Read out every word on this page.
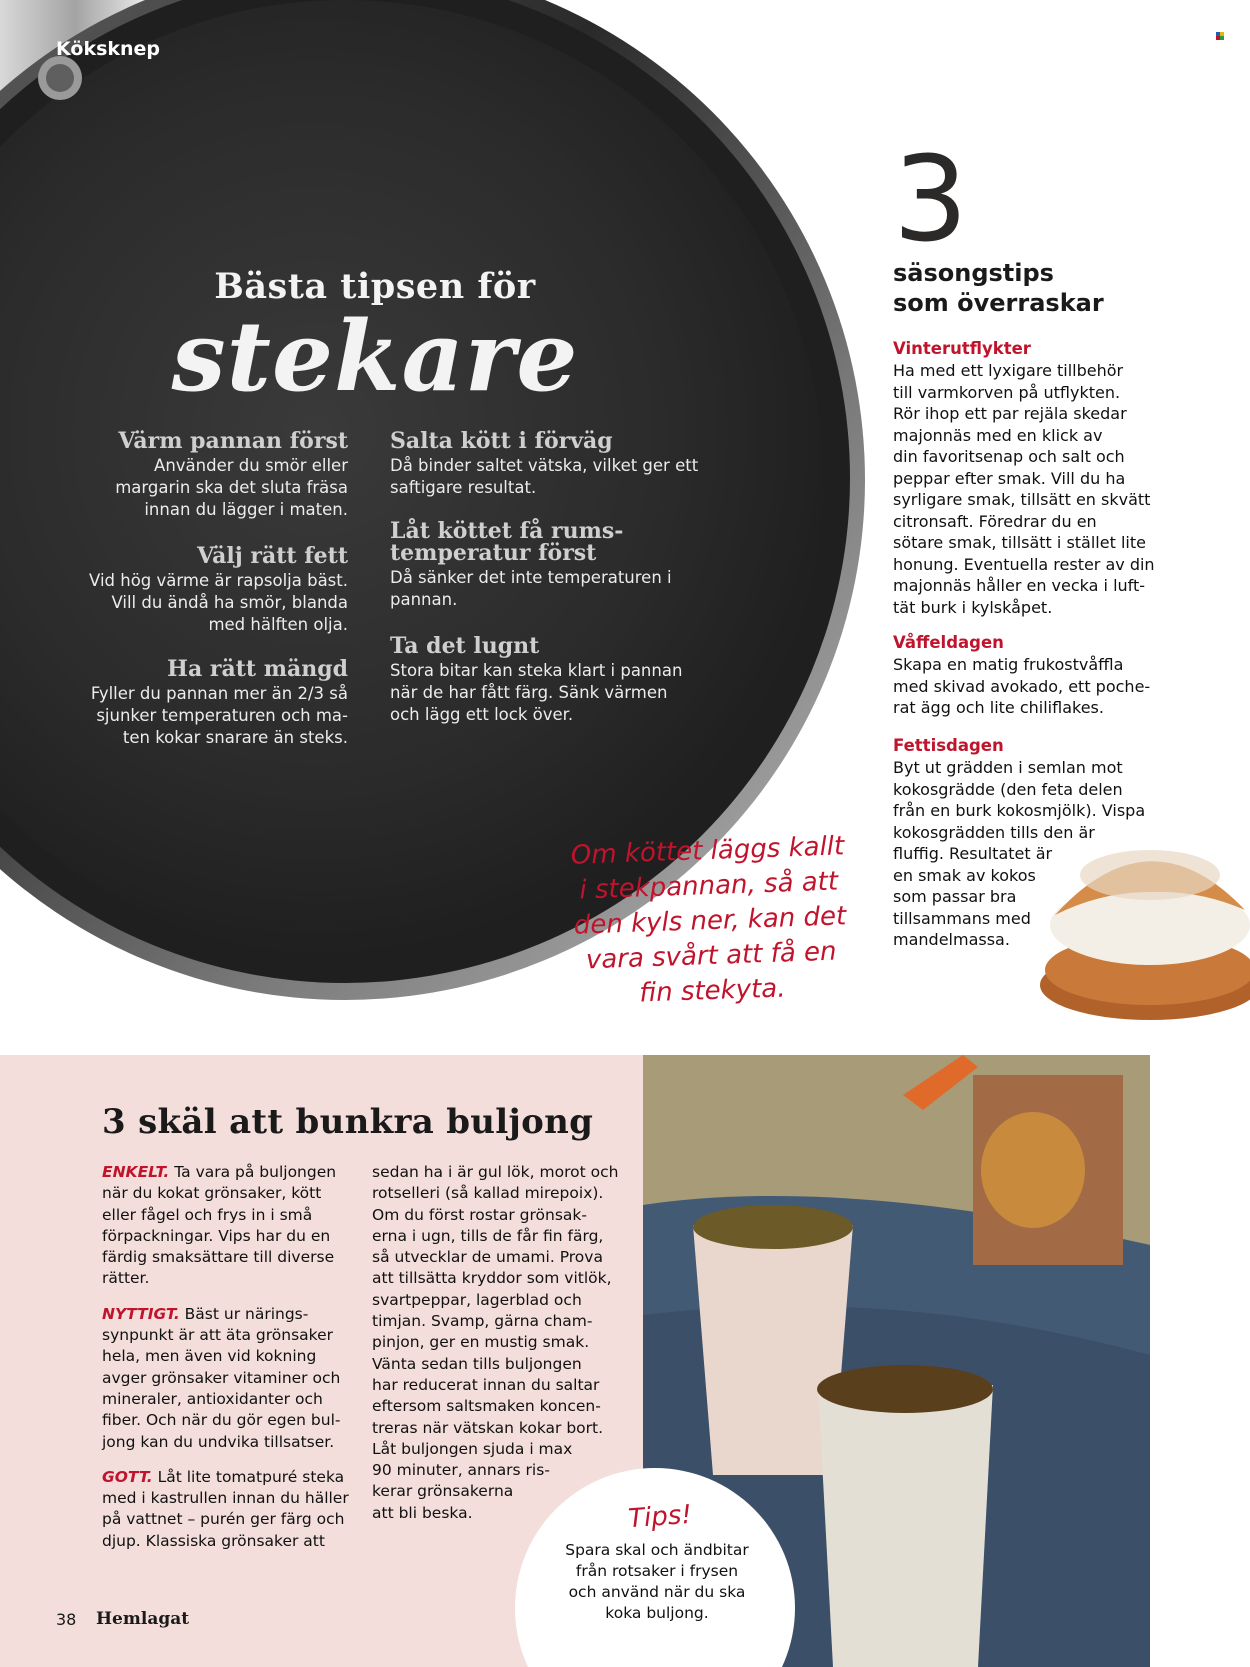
Köksknep
Bästa tipsen för
stekare
Värm pannan först

Använder du smör eller
margarin ska det sluta fräsa
innan du lägger i maten.

Välj rätt fett

Vid hög värme är rapsolja bäst.
Vill du ändå ha smör, blanda
med hälften olja.

Ha rätt mängd

Fyller du pannan mer än 2/3 så
sjunker temperaturen och ma-
ten kokar snarare än steks.

Salta kött i förväg

Då binder saltet vätska, vilket ger ett
saftigare resultat.

Låt köttet få rums-
temperatur först

Då sänker det inte temperaturen i
pannan.

Ta det lugnt

Stora bitar kan steka klart i pannan
när de har fått färg. Sänk värmen
och lägg ett lock över.

Om köttet läggs kallt
i stekpannan, så att
den kyls ner, kan det
vara svårt att få en
fin stekyta.
3
säsongstips
som överraskar
Vinterutflykter

Ha med ett lyxigare tillbehör
till varmkorven på utflykten.
Rör ihop ett par rejäla skedar
majonnäs med en klick av
din favoritsenap och salt och
peppar efter smak. Vill du ha
syrligare smak, tillsätt en skvätt
citronsaft. Föredrar du en
sötare smak, tillsätt i stället lite
honung. Eventuella rester av din
majonnäs håller en vecka i luft-
tät burk i kylskåpet.

Våffeldagen

Skapa en matig frukostvåffla
med skivad avokado, ett poche-
rat ägg och lite chiliflakes.

Fettisdagen

Byt ut grädden i semlan mot
kokosgrädde (den feta delen
från en burk kokosmjölk). Vispa
kokosgrädden tills den är
fluffig. Resultatet är
en smak av kokos
som passar bra
tillsammans med
mandelmassa.

3 skäl att bunkra buljong
ENKELT. Ta vara på buljongen
när du kokat grönsaker, kött
eller fågel och frys in i små
förpackningar. Vips har du en
färdig smaksättare till diverse
rätter.
NYTTIGT. Bäst ur närings-
synpunkt är att äta grönsaker
hela, men även vid kokning
avger grönsaker vitaminer och
mineraler, antioxidanter och
fiber. Och när du gör egen bul-
jong kan du undvika tillsatser.
GOTT. Låt lite tomatpuré steka
med i kastrullen innan du häller
på vattnet – purén ger färg och
djup. Klassiska grönsaker att
sedan ha i är gul lök, morot och
rotselleri (så kallad mirepoix).
Om du först rostar grönsak-
erna i ugn, tills de får fin färg,
så utvecklar de umami. Prova
att tillsätta kryddor som vitlök,
svartpeppar, lagerblad och
timjan. Svamp, gärna cham-
pinjon, ger en mustig smak.
Vänta sedan tills buljongen
har reducerat innan du saltar
eftersom saltsmaken koncen-
treras när vätskan kokar bort.
Låt buljongen sjuda i max
90 minuter, annars ris-
kerar grönsakerna
att bli beska.	Tips!
Spara skal och ändbitar
från rotsaker i frysen
och använd när du ska
koka buljong.
38 Hemlagat
